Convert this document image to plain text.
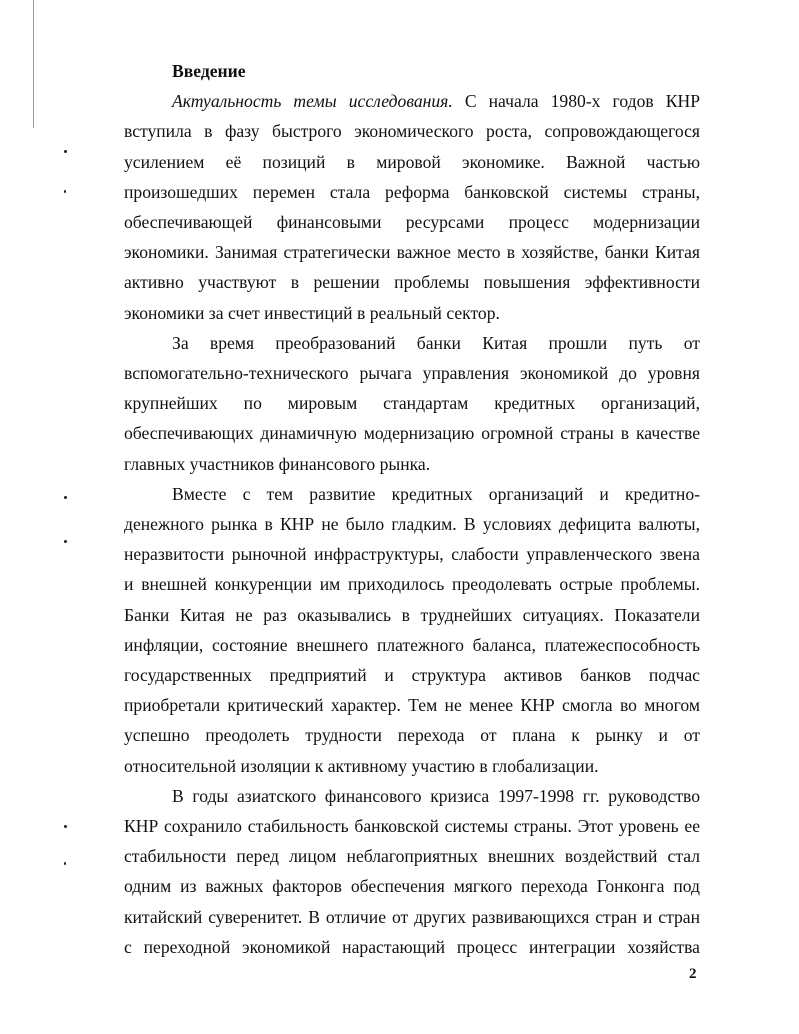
Введение
Актуальность темы исследования. С начала 1980-х годов КНР
вступила в фазу быстрого экономического роста, сопровождающегося
усилением её позиций в мировой экономике. Важной частью
произошедших перемен стала реформа банковской системы страны,
обеспечивающей финансовыми ресурсами процесс модернизации
экономики. Занимая стратегически важное место в хозяйстве, банки Китая
активно участвуют в решении проблемы повышения эффективности
экономики за счет инвестиций в реальный сектор.
За время преобразований банки Китая прошли путь от
вспомогательно-технического рычага управления экономикой до уровня
крупнейших по мировым стандартам кредитных организаций,
обеспечивающих динамичную модернизацию огромной страны в качестве
главных участников финансового рынка.
Вместе с тем развитие кредитных организаций и кредитно-
денежного рынка в КНР не было гладким. В условиях дефицита валюты,
неразвитости рыночной инфраструктуры, слабости управленческого звена
и внешней конкуренции им приходилось преодолевать острые проблемы.
Банки Китая не раз оказывались в труднейших ситуациях. Показатели
инфляции, состояние внешнего платежного баланса, платежеспособность
государственных предприятий и структура активов банков подчас
приобретали критический характер. Тем не менее КНР смогла во многом
успешно преодолеть трудности перехода от плана к рынку и от
относительной изоляции к активному участию в глобализации.
В годы азиатского финансового кризиса 1997-1998 гг. руководство
КНР сохранило стабильность банковской системы страны. Этот уровень ее
стабильности перед лицом неблагоприятных внешних воздействий стал
одним из важных факторов обеспечения мягкого перехода Гонконга под
китайский суверенитет. В отличие от других развивающихся стран и стран
с переходной экономикой нарастающий процесс интеграции хозяйства
2
